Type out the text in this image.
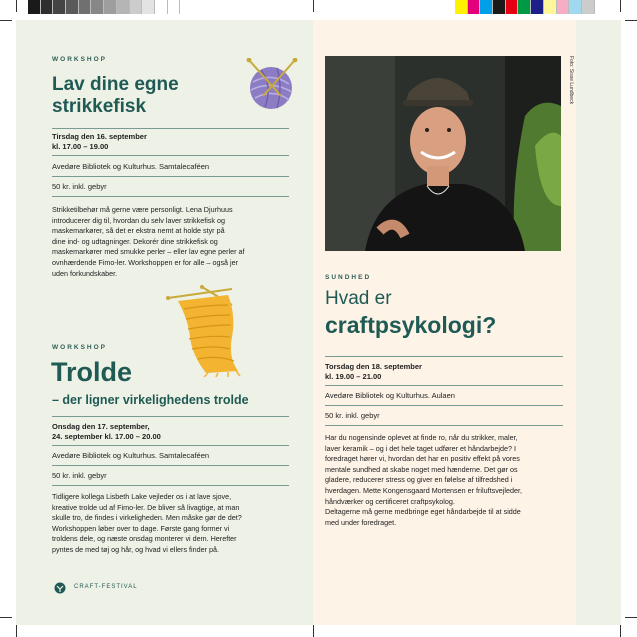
WORKSHOP
Lav dine egne
strikkefisk
Tirsdag den 16. september
kl. 17.00 – 19.00
Avedøre Bibliotek og Kulturhus. Samtalecaféen
50 kr. inkl. gebyr
Strikketilbehør må gerne være personligt. Lena Djurhuus
introducerer dig til, hvordan du selv laver strikkefisk og
maskemarkører, så det er ekstra nemt at holde styr på
dine ind- og udtagninger. Dekorér dine strikkefisk og
maskemarkører med smukke perler – eller lav egne perler af
ovnhærdende Fimo-ler. Workshoppen er for alle – også jer
uden forkundskaber.
WORKSHOP
Trolde
– der ligner virkelighedens trolde
Onsdag den 17. september,
24. september kl. 17.00 – 20.00
Avedøre Bibliotek og Kulturhus. Samtalecaféen
50 kr. inkl. gebyr
Tidligere kollega Lisbeth Lake vejleder os i at lave sjove,
kreative trolde ud af Fimo-ler. De bliver så livagtige, at man
skulle tro, de findes i virkeligheden. Men måske gør de det?
Workshoppen løber over to dage. Første gang former vi
troldens dele, og næste onsdag monterer vi dem. Herefter
pyntes de med tøj og hår, og hvad vi ellers finder på.
CRAFT-FESTIVAL
Foto: Sisse Lundbeck
SUNDHED
Hvad er
craftpsykologi?
Torsdag den 18. september
kl. 19.00 – 21.00
Avedøre Bibliotek og Kulturhus. Aulaen
50 kr. inkl. gebyr
Har du nogensinde oplevet at finde ro, når du strikker, maler,
laver keramik – og i det hele taget udfører et håndarbejde? I
foredraget hører vi, hvordan det har en positiv effekt på vores
mentale sundhed at skabe noget med hænderne. Det gør os
gladere, reducerer stress og giver en følelse af tilfredshed i
hverdagen. Mette Kongensgaard Mortensen er friluftsvejleder,
håndværker og certificeret craftpsykolog.
Deltagerne må gerne medbringe eget håndarbejde til at sidde
med under foredraget.
